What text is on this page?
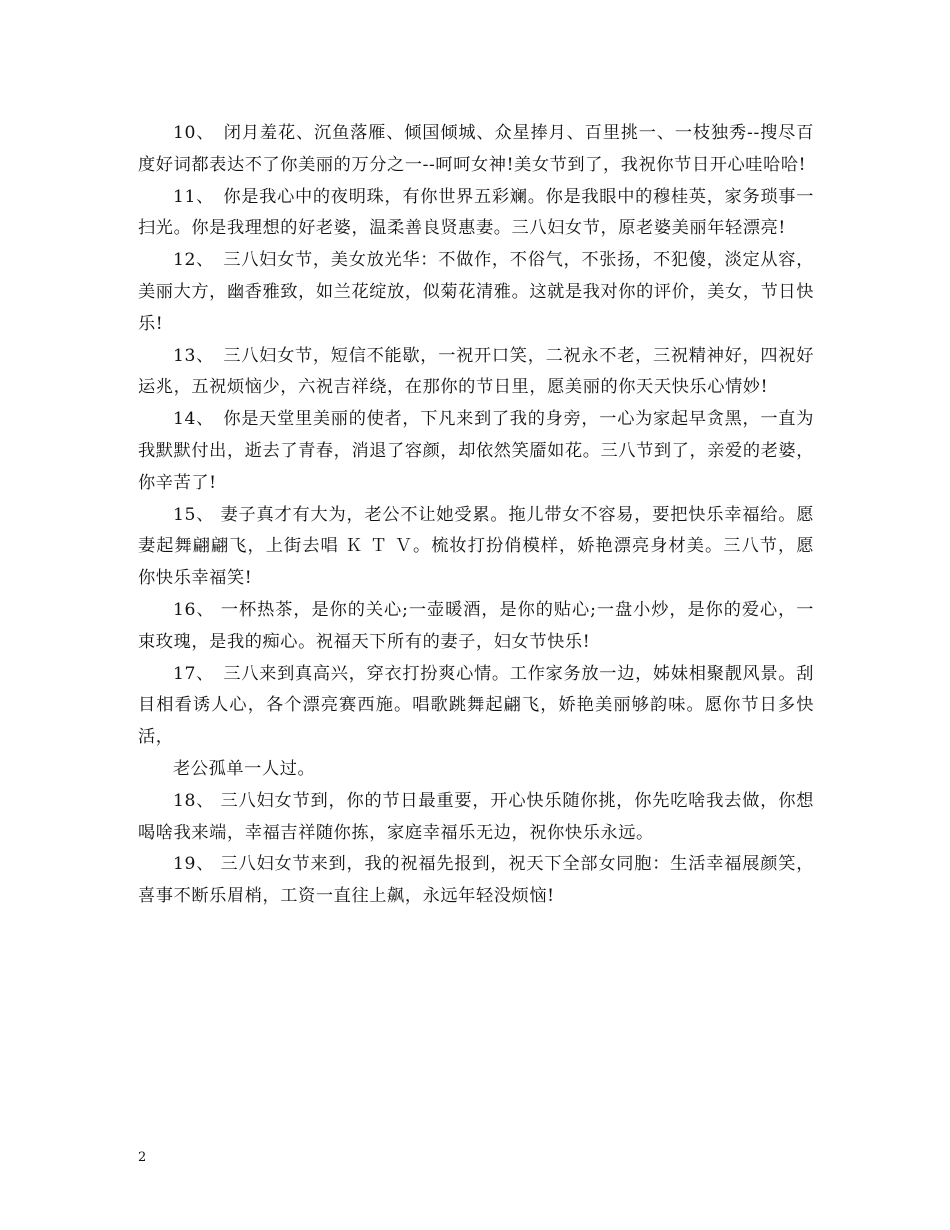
10、　闭月羞花、沉鱼落雁、倾国倾城、众星捧月、百里挑一、一枝独秀--搜尽百度好词都表达不了你美丽的万分之一--呵呵女神!美女节到了，我祝你节日开心哇哈哈!

11、　你是我心中的夜明珠，有你世界五彩斓。你是我眼中的穆桂英，家务琐事一扫光。你是我理想的好老婆，温柔善良贤惠妻。三八妇女节，原老婆美丽年轻漂亮!

12、　三八妇女节，美女放光华：不做作，不俗气，不张扬，不犯傻，淡定从容，美丽大方，幽香雅致，如兰花绽放，似菊花清雅。这就是我对你的评价，美女，节日快乐!

13、　三八妇女节，短信不能歇，一祝开口笑，二祝永不老，三祝精神好，四祝好运兆，五祝烦恼少，六祝吉祥绕，在那你的节日里，愿美丽的你天天快乐心情妙!

14、　你是天堂里美丽的使者，下凡来到了我的身旁，一心为家起早贪黑，一直为我默默付出，逝去了青春，消退了容颜，却依然笑靥如花。三八节到了，亲爱的老婆，你辛苦了!

15、 妻子真才有大为，老公不让她受累。拖儿带女不容易，要把快乐幸福给。愿妻起舞翩翩飞，上街去唱 Ｋ Ｔ Ｖ。梳妆打扮俏模样，娇艳漂亮身材美。三八节，愿你快乐幸福笑!

16、 一杯热茶，是你的关心;一壶暖酒，是你的贴心;一盘小炒，是你的爱心，一束玫瑰，是我的痴心。祝福天下所有的妻子，妇女节快乐!

17、　三八来到真高兴，穿衣打扮爽心情。工作家务放一边，姊妹相聚靓风景。刮目相看诱人心，各个漂亮赛西施。唱歌跳舞起翩飞，娇艳美丽够韵味。愿你节日多快活，

老公孤单一人过。

18、 三八妇女节到，你的节日最重要，开心快乐随你挑，你先吃啥我去做，你想喝啥我来端，幸福吉祥随你拣，家庭幸福乐无边，祝你快乐永远。

19、 三八妇女节来到，我的祝福先报到，祝天下全部女同胞：生活幸福展颜笑，喜事不断乐眉梢，工资一直往上飙，永远年轻没烦恼!

2
